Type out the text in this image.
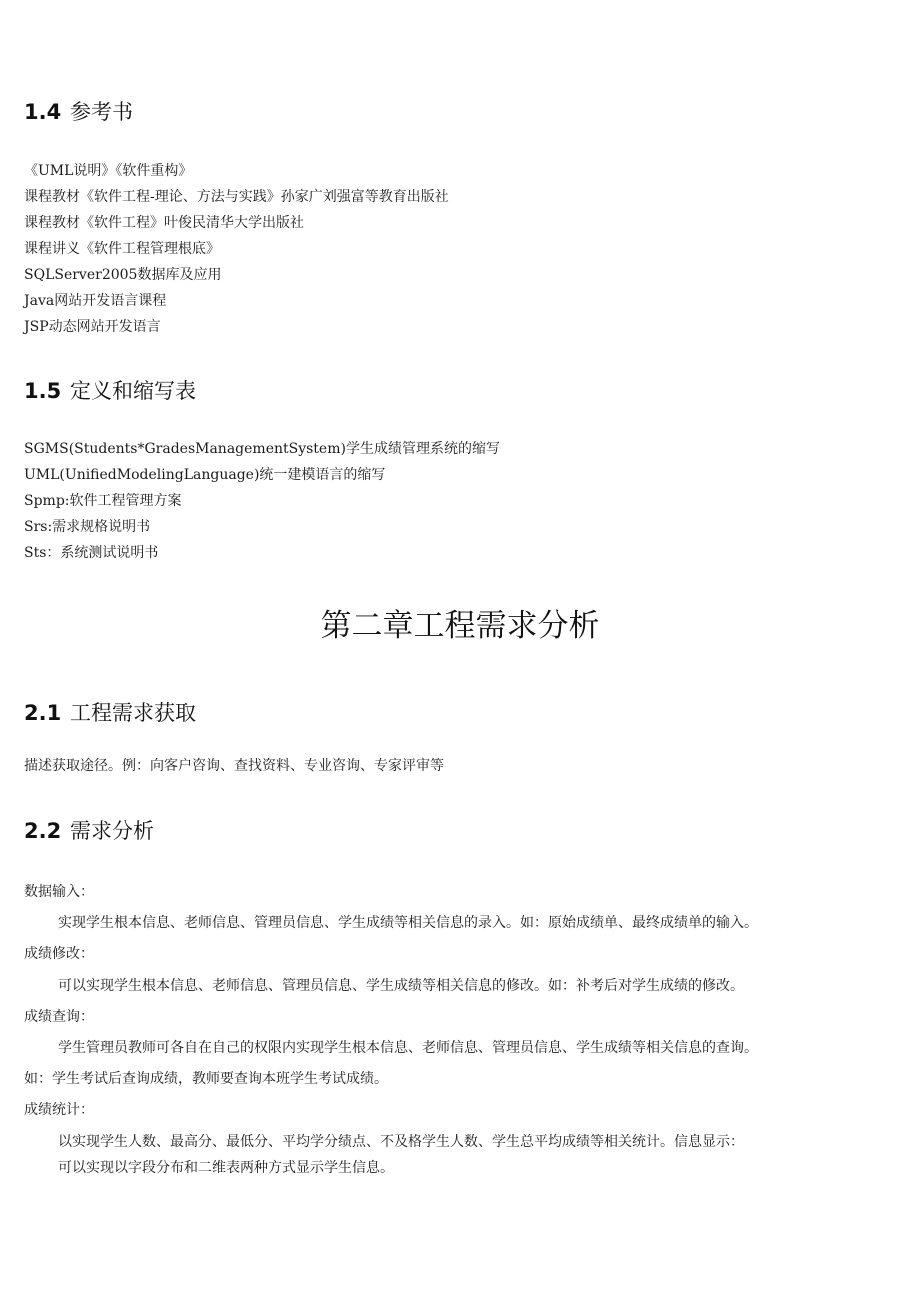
1.4 参考书
《UML说明》《软件重构》
课程教材《软件工程-理论、方法与实践》孙家广刘强富等教育出版社
课程教材《软件工程》叶俊民清华大学出版社
课程讲义《软件工程管理根底》
SQLServer2005数据库及应用
Java网站开发语言课程
JSP动态网站开发语言
1.5 定义和缩写表
SGMS(Students*GradesManagementSystem)学生成绩管理系统的缩写
UML(UnifiedModelingLanguage)统一建模语言的缩写
Spmp:软件工程管理方案
Srs:需求规格说明书
Sts：系统测试说明书
第二章工程需求分析
2.1 工程需求获取
描述获取途径。例：向客户咨询、查找资料、专业咨询、专家评审等
2.2 需求分析
数据输入：
实现学生根本信息、老师信息、管理员信息、学生成绩等相关信息的录入。如：原始成绩单、最终成绩单的输入。
成绩修改：
可以实现学生根本信息、老师信息、管理员信息、学生成绩等相关信息的修改。如：补考后对学生成绩的修改。
成绩查询：
学生管理员教师可各自在自己的权限内实现学生根本信息、老师信息、管理员信息、学生成绩等相关信息的查询。
如：学生考试后查询成绩，教师要查询本班学生考试成绩。
成绩统计：
以实现学生人数、最高分、最低分、平均学分绩点、不及格学生人数、学生总平均成绩等相关统计。信息显示：
可以实现以字段分布和二维表两种方式显示学生信息。
